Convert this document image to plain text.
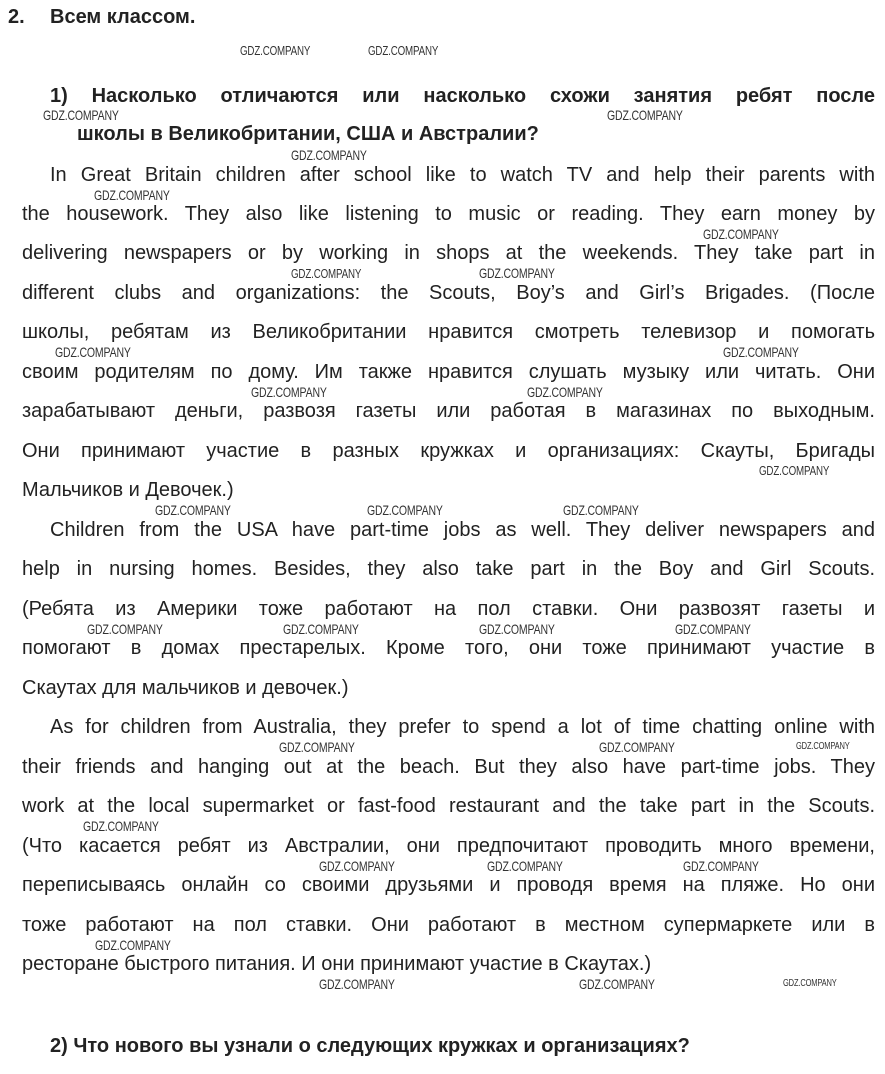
2. Всем классом.
1) Насколько отличаются или насколько схожи занятия ребят после
школы в Великобритании, США и Австралии?
In Great Britain children after school like to watch TV and help their parents with
the housework. They also like listening to music or reading. They earn money by
delivering newspapers or by working in shops at the weekends. They take part in
different clubs and organizations: the Scouts, Boy’s and Girl’s Brigades. (После
школы, ребятам из Великобритании нравится смотреть телевизор и помогать
своим родителям по дому. Им также нравится слушать музыку или читать. Они
зарабатывают деньги, развозя газеты или работая в магазинах по выходным.
Они принимают участие в разных кружках и организациях: Скауты, Бригады
Мальчиков и Девочек.)
Children from the USA have part-time jobs as well. They deliver newspapers and
help in nursing homes. Besides, they also take part in the Boy and Girl Scouts.
(Ребята из Америки тоже работают на пол ставки. Они развозят газеты и
помогают в домах престарелых. Кроме того, они тоже принимают участие в
Скаутах для мальчиков и девочек.)
As for children from Australia, they prefer to spend a lot of time chatting online with
their friends and hanging out at the beach. But they also have part-time jobs. They
work at the local supermarket or fast-food restaurant and the take part in the Scouts.
(Что касается ребят из Австралии, они предпочитают проводить много времени,
переписываясь онлайн со своими друзьями и проводя время на пляже. Но они
тоже работают на пол ставки. Они работают в местном супермаркете или в
ресторане быстрого питания. И они принимают участие в Скаутах.)
2) Что нового вы узнали о следующих кружках и организациях?
GDZ.COMPANY	GDZ.COMPANY
GDZ.COMPANY	GDZ.COMPANY
GDZ.COMPANY
GDZ.COMPANY
GDZ.COMPANY
GDZ.COMPANY	GDZ.COMPANY
GDZ.COMPANY	GDZ.COMPANY
GDZ.COMPANY	GDZ.COMPANY
GDZ.COMPANY
GDZ.COMPANY	GDZ.COMPANY	GDZ.COMPANY
GDZ.COMPANY	GDZ.COMPANY	GDZ.COMPANY	GDZ.COMPANY
GDZ.COMPANY	GDZ.COMPANY	GDZ.COMPANY
GDZ.COMPANY
GDZ.COMPANY	GDZ.COMPANY	GDZ.COMPANY
GDZ.COMPANY
GDZ.COMPANY	GDZ.COMPANY	GDZ.COMPANY
